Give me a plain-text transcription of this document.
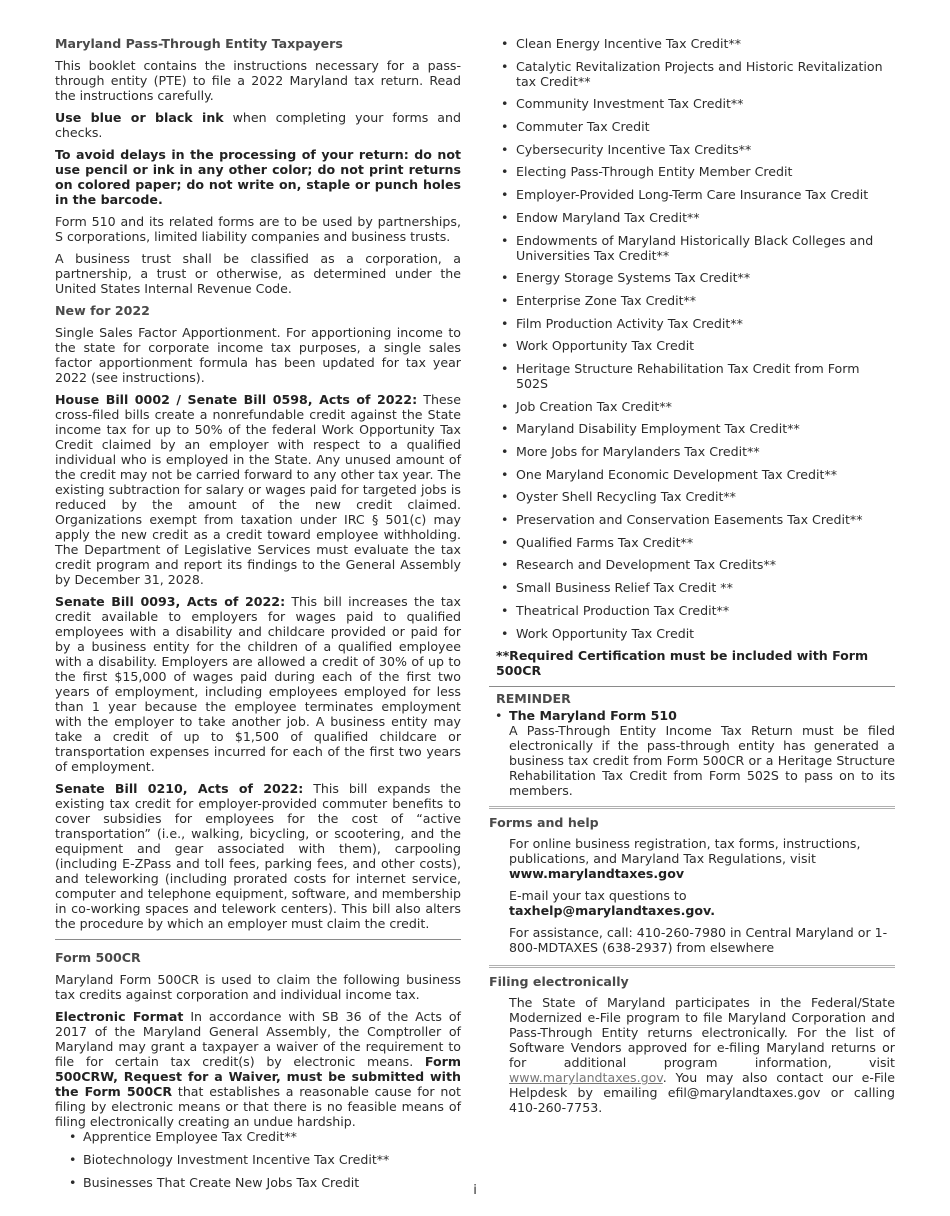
Maryland Pass-Through Entity Taxpayers

This booklet contains the instructions necessary for a pass-through entity (PTE) to file a 2022 Maryland tax return. Read the instructions carefully.

Use blue or black ink when completing your forms and checks.

To avoid delays in the processing of your return: do not use pencil or ink in any other color; do not print returns on colored paper; do not write on, staple or punch holes in the barcode.

Form 510 and its related forms are to be used by partnerships, S corporations, limited liability companies and business trusts.

A business trust shall be classified as a corporation, a partnership, a trust or otherwise, as determined under the United States Internal Revenue Code.

New for 2022

Single Sales Factor Apportionment. For apportioning income to the state for corporate income tax purposes, a single sales factor apportionment formula has been updated for tax year 2022 (see instructions).

House Bill 0002 / Senate Bill 0598, Acts of 2022: These cross-filed bills create a nonrefundable credit against the State income tax for up to 50% of the federal Work Opportunity Tax Credit claimed by an employer with respect to a qualified individual who is employed in the State. Any unused amount of the credit may not be carried forward to any other tax year. The existing subtraction for salary or wages paid for targeted jobs is reduced by the amount of the new credit claimed. Organizations exempt from taxation under IRC § 501(c) may apply the new credit as a credit toward employee withholding. The Department of Legislative Services must evaluate the tax credit program and report its findings to the General Assembly by December 31, 2028.

Senate Bill 0093, Acts of 2022: This bill increases the tax credit available to employers for wages paid to qualified employees with a disability and childcare provided or paid for by a business entity for the children of a qualified employee with a disability. Employers are allowed a credit of 30% of up to the first $15,000 of wages paid during each of the first two years of employment, including employees employed for less than 1 year because the employee terminates employment with the employer to take another job. A business entity may take a credit of up to $1,500 of qualified childcare or transportation expenses incurred for each of the first two years of employment.

Senate Bill 0210, Acts of 2022: This bill expands the existing tax credit for employer-provided commuter benefits to cover subsidies for employees for the cost of “active transportation” (i.e., walking, bicycling, or scootering, and the equipment and gear associated with them), carpooling (including E-ZPass and toll fees, parking fees, and other costs), and teleworking (including prorated costs for internet service, computer and telephone equipment, software, and membership in co-working spaces and telework centers). This bill also alters the procedure by which an employer must claim the credit.

Form 500CR

Maryland Form 500CR is used to claim the following business tax credits against corporation and individual income tax.

Electronic Format In accordance with SB 36 of the Acts of 2017 of the Maryland General Assembly, the Comptroller of Maryland may grant a taxpayer a waiver of the requirement to file for certain tax credit(s) by electronic means. Form 500CRW, Request for a Waiver, must be submitted with the Form 500CR that establishes a reasonable cause for not filing by electronic means or that there is no feasible means of filing electronically creating an undue hardship.

• Apprentice Employee Tax Credit**
• Biotechnology Investment Incentive Tax Credit**
• Businesses That Create New Jobs Tax Credit
• Clean Energy Incentive Tax Credit**
• Catalytic Revitalization Projects and Historic Revitalization tax Credit**
• Community Investment Tax Credit**
• Commuter Tax Credit
• Cybersecurity Incentive Tax Credits**
• Electing Pass-Through Entity Member Credit
• Employer-Provided Long-Term Care Insurance Tax Credit
• Endow Maryland Tax Credit**
• Endowments of Maryland Historically Black Colleges and Universities Tax Credit**
• Energy Storage Systems Tax Credit**
• Enterprise Zone Tax Credit**
• Film Production Activity Tax Credit**
• Work Opportunity Tax Credit
• Heritage Structure Rehabilitation Tax Credit from Form 502S
• Job Creation Tax Credit**
• Maryland Disability Employment Tax Credit**
• More Jobs for Marylanders Tax Credit**
• One Maryland Economic Development Tax Credit**
• Oyster Shell Recycling Tax Credit**
• Preservation and Conservation Easements Tax Credit**
• Qualified Farms Tax Credit**
• Research and Development Tax Credits**
• Small Business Relief Tax Credit **
• Theatrical Production Tax Credit**
• Work Opportunity Tax Credit

**Required Certification must be included with Form 500CR

REMINDER

• The Maryland Form 510

A Pass-Through Entity Income Tax Return must be filed electronically if the pass-through entity has generated a business tax credit from Form 500CR or a Heritage Structure Rehabilitation Tax Credit from Form 502S to pass on to its members.

Forms and help

For online business registration, tax forms, instructions, publications, and Maryland Tax Regulations, visit

www.marylandtaxes.gov

E-mail your tax questions to

taxhelp@marylandtaxes.gov.

For assistance, call: 410-260-7980 in Central Maryland or 1-800-MDTAXES (638-2937) from elsewhere

Filing electronically

The State of Maryland participates in the Federal/State Modernized e-File program to file Maryland Corporation and Pass-Through Entity returns electronically. For the list of Software Vendors approved for e-filing Maryland returns or for additional program information, visit www.marylandtaxes.gov. You may also contact our e-File Helpdesk by emailing efil@marylandtaxes.gov or calling 410-260-7753.

i
